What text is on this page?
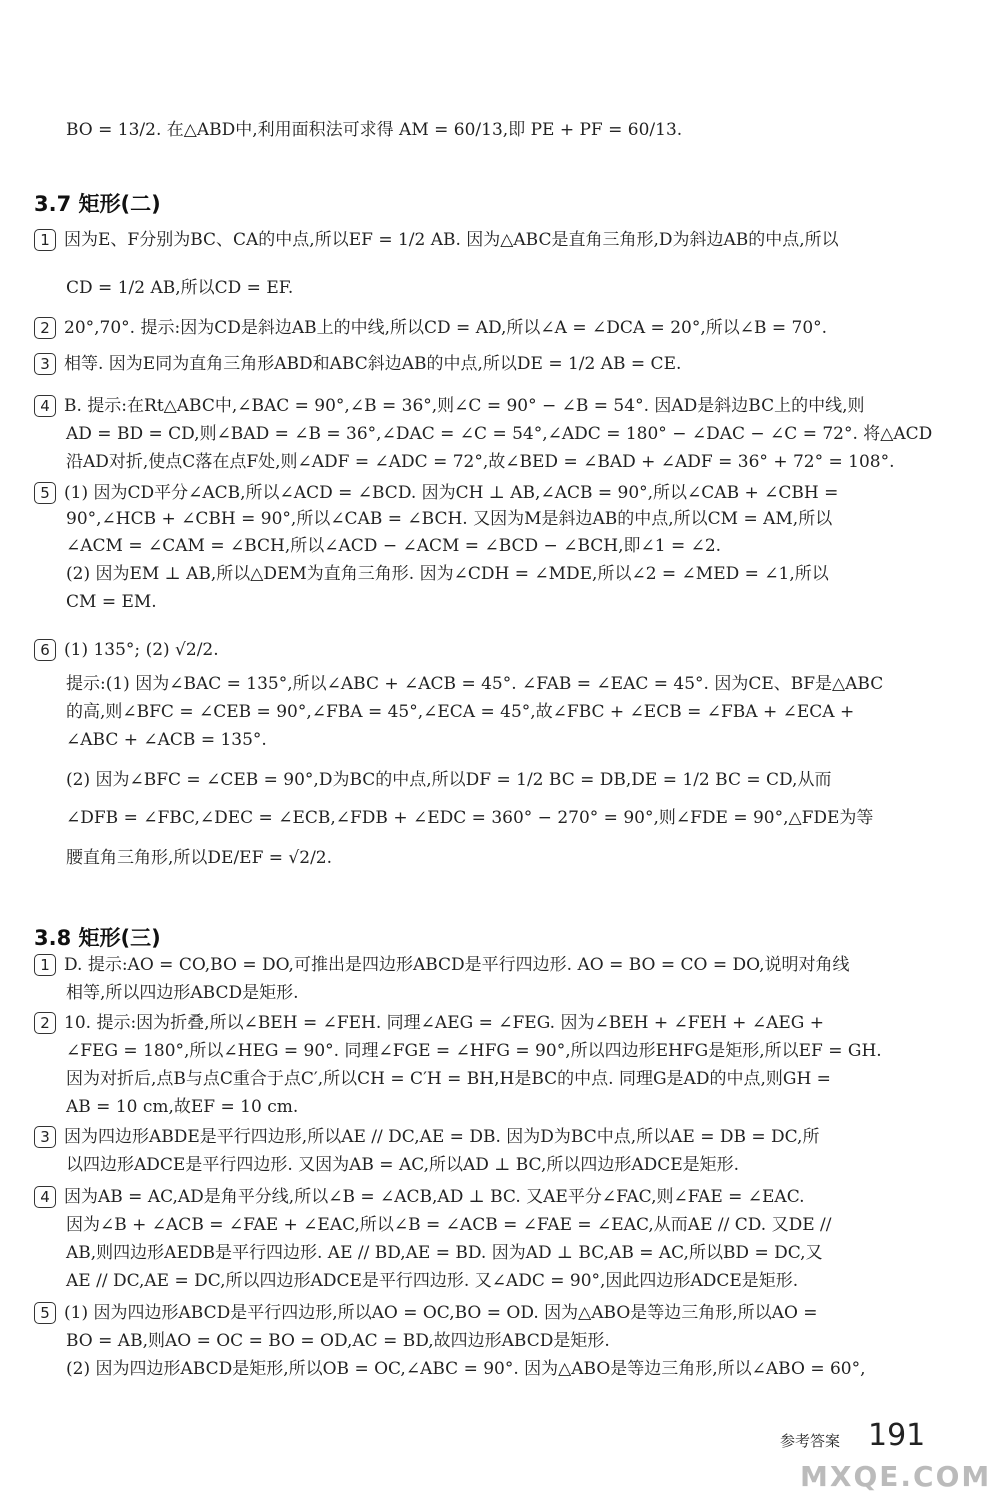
BO = 13/2. 在△ABD中,利用面积法可求得 AM = 60/13,即 PE + PF = 60/13.
3.7 矩形(二)
1 因为E、F分别为BC、CA的中点,所以EF = 1/2 AB. 因为△ABC是直角三角形,D为斜边AB的中点,所以
CD = 1/2 AB,所以CD = EF.
2 20°,70°. 提示:因为CD是斜边AB上的中线,所以CD = AD,所以∠A = ∠DCA = 20°,所以∠B = 70°.
3 相等. 因为E同为直角三角形ABD和ABC斜边AB的中点,所以DE = 1/2 AB = CE.
4 B. 提示:在Rt△ABC中,∠BAC = 90°,∠B = 36°,则∠C = 90° − ∠B = 54°. 因AD是斜边BC上的中线,则
AD = BD = CD,则∠BAD = ∠B = 36°,∠DAC = ∠C = 54°,∠ADC = 180° − ∠DAC − ∠C = 72°. 将△ACD
沿AD对折,使点C落在点F处,则∠ADF = ∠ADC = 72°,故∠BED = ∠BAD + ∠ADF = 36° + 72° = 108°.
5 (1) 因为CD平分∠ACB,所以∠ACD = ∠BCD. 因为CH ⊥ AB,∠ACB = 90°,所以∠CAB + ∠CBH =
90°,∠HCB + ∠CBH = 90°,所以∠CAB = ∠BCH. 又因为M是斜边AB的中点,所以CM = AM,所以
∠ACM = ∠CAM = ∠BCH,所以∠ACD − ∠ACM = ∠BCD − ∠BCH,即∠1 = ∠2.
(2) 因为EM ⊥ AB,所以△DEM为直角三角形. 因为∠CDH = ∠MDE,所以∠2 = ∠MED = ∠1,所以
CM = EM.
6 (1) 135°; (2) √2/2.
提示:(1) 因为∠BAC = 135°,所以∠ABC + ∠ACB = 45°. ∠FAB = ∠EAC = 45°. 因为CE、BF是△ABC
的高,则∠BFC = ∠CEB = 90°,∠FBA = 45°,∠ECA = 45°,故∠FBC + ∠ECB = ∠FBA + ∠ECA +
∠ABC + ∠ACB = 135°.
(2) 因为∠BFC = ∠CEB = 90°,D为BC的中点,所以DF = 1/2 BC = DB,DE = 1/2 BC = CD,从而
∠DFB = ∠FBC,∠DEC = ∠ECB,∠FDB + ∠EDC = 360° − 270° = 90°,则∠FDE = 90°,△FDE为等
腰直角三角形,所以DE/EF = √2/2.
3.8 矩形(三)
1 D. 提示:AO = CO,BO = DO,可推出是四边形ABCD是平行四边形. AO = BO = CO = DO,说明对角线
相等,所以四边形ABCD是矩形.
2 10. 提示:因为折叠,所以∠BEH = ∠FEH. 同理∠AEG = ∠FEG. 因为∠BEH + ∠FEH + ∠AEG +
∠FEG = 180°,所以∠HEG = 90°. 同理∠FGE = ∠HFG = 90°,所以四边形EHFG是矩形,所以EF = GH.
因为对折后,点B与点C重合于点C′,所以CH = C′H = BH,H是BC的中点. 同理G是AD的中点,则GH =
AB = 10 cm,故EF = 10 cm.
3 因为四边形ABDE是平行四边形,所以AE // DC,AE = DB. 因为D为BC中点,所以AE = DB = DC,所
以四边形ADCE是平行四边形. 又因为AB = AC,所以AD ⊥ BC,所以四边形ADCE是矩形.
4 因为AB = AC,AD是角平分线,所以∠B = ∠ACB,AD ⊥ BC. 又AE平分∠FAC,则∠FAE = ∠EAC.
因为∠B + ∠ACB = ∠FAE + ∠EAC,所以∠B = ∠ACB = ∠FAE = ∠EAC,从而AE // CD. 又DE //
AB,则四边形AEDB是平行四边形. AE // BD,AE = BD. 因为AD ⊥ BC,AB = AC,所以BD = DC,又
AE // DC,AE = DC,所以四边形ADCE是平行四边形. 又∠ADC = 90°,因此四边形ADCE是矩形.
5 (1) 因为四边形ABCD是平行四边形,所以AO = OC,BO = OD. 因为△ABO是等边三角形,所以AO =
BO = AB,则AO = OC = BO = OD,AC = BD,故四边形ABCD是矩形.
(2) 因为四边形ABCD是矩形,所以OB = OC,∠ABC = 90°. 因为△ABO是等边三角形,所以∠ABO = 60°,
参考答案 191
MXQE.COM
